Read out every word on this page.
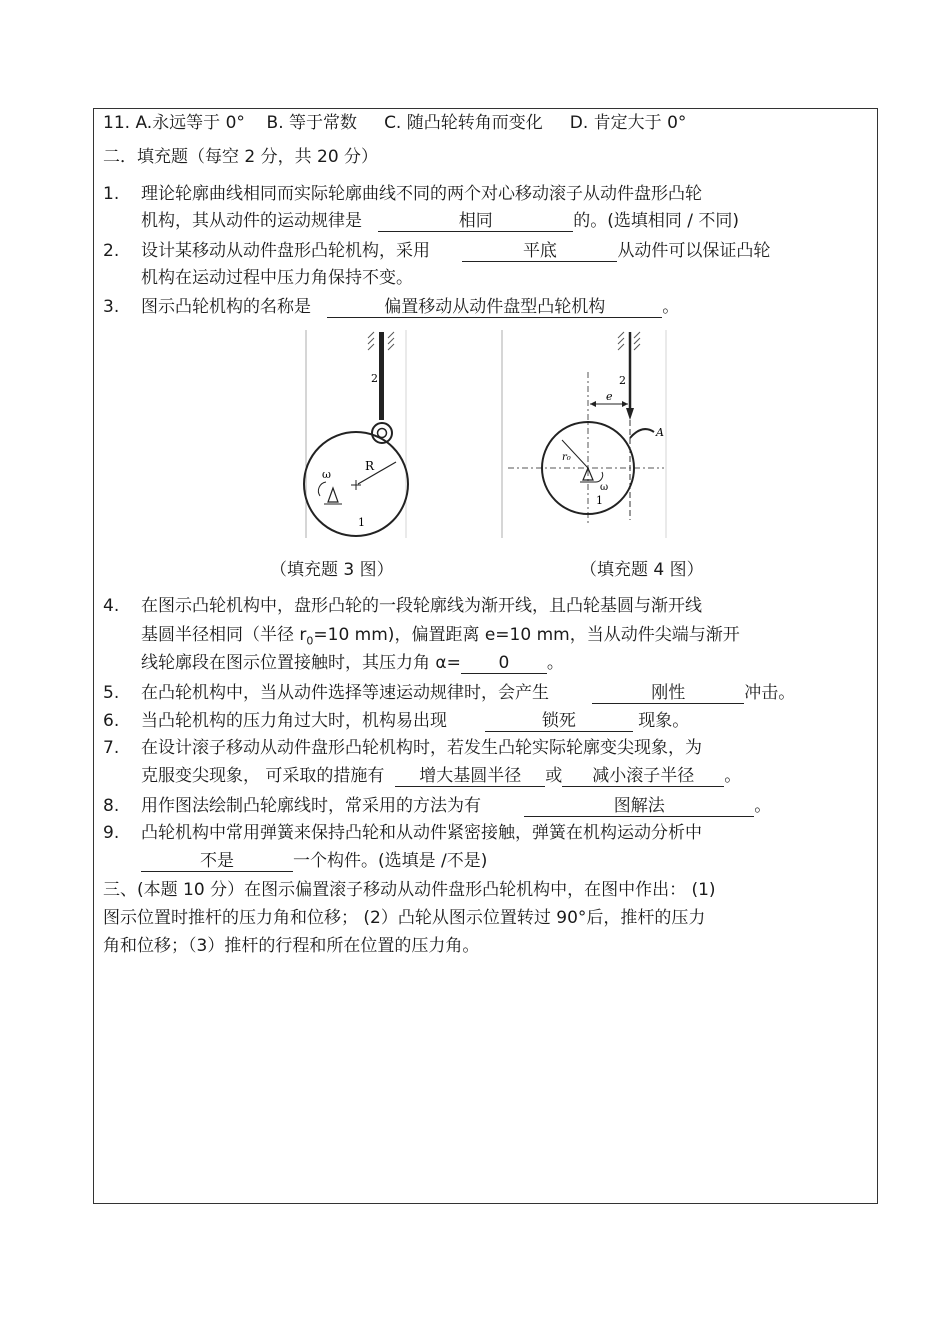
11. A.永远等于 0° B. 等于常数 C. 随凸轮转角而变化 D. 肯定大于 0°
二．填充题（每空 2 分，共 20 分）
1. 理论轮廓曲线相同而实际轮廓曲线不同的两个对心移动滚子从动件盘形凸轮
机构，其从动件的运动规律是	相同	的。(选填相同 / 不同)
2. 设计某移动从动件盘形凸轮机构，采用	平底	从动件可以保证凸轮
机构在运动过程中压力角保持不变。
3. 图示凸轮机构的名称是	偏置移动从动件盘型凸轮机构	。
2
R
ω
1
2
e
A
r₀
ω
1
（填充题 3 图）	（填充题 4 图）
4. 在图示凸轮机构中，盘形凸轮的一段轮廓线为渐开线，且凸轮基圆与渐开线
基圆半径相同（半径 $r_0=10$ mm)，偏置距离 e=10 mm，当从动件尖端与渐开
线轮廓段在图示位置接触时，其压力角 α= 0 。
5. 在凸轮机构中，当从动件选择等速运动规律时，会产生	刚性	冲击。
6. 当凸轮机构的压力角过大时，机构易出现	锁死	现象。
7. 在设计滚子移动从动件盘形凸轮机构时，若发生凸轮实际轮廓变尖现象，为
克服变尖现象， 可采取的措施有 增大基圆半径 或 减小滚子半径 。
8. 用作图法绘制凸轮廓线时，常采用的方法为有	图解法	。
9. 凸轮机构中常用弹簧来保持凸轮和从动件紧密接触，弹簧在机构运动分析中
不是	一个构件。(选填是 /不是)
三、(本题 10 分）在图示偏置滚子移动从动件盘形凸轮机构中，在图中作出： (1)
图示位置时推杆的压力角和位移； (2）凸轮从图示位置转过 90°后，推杆的压力
角和位移；（3）推杆的行程和所在位置的压力角。
